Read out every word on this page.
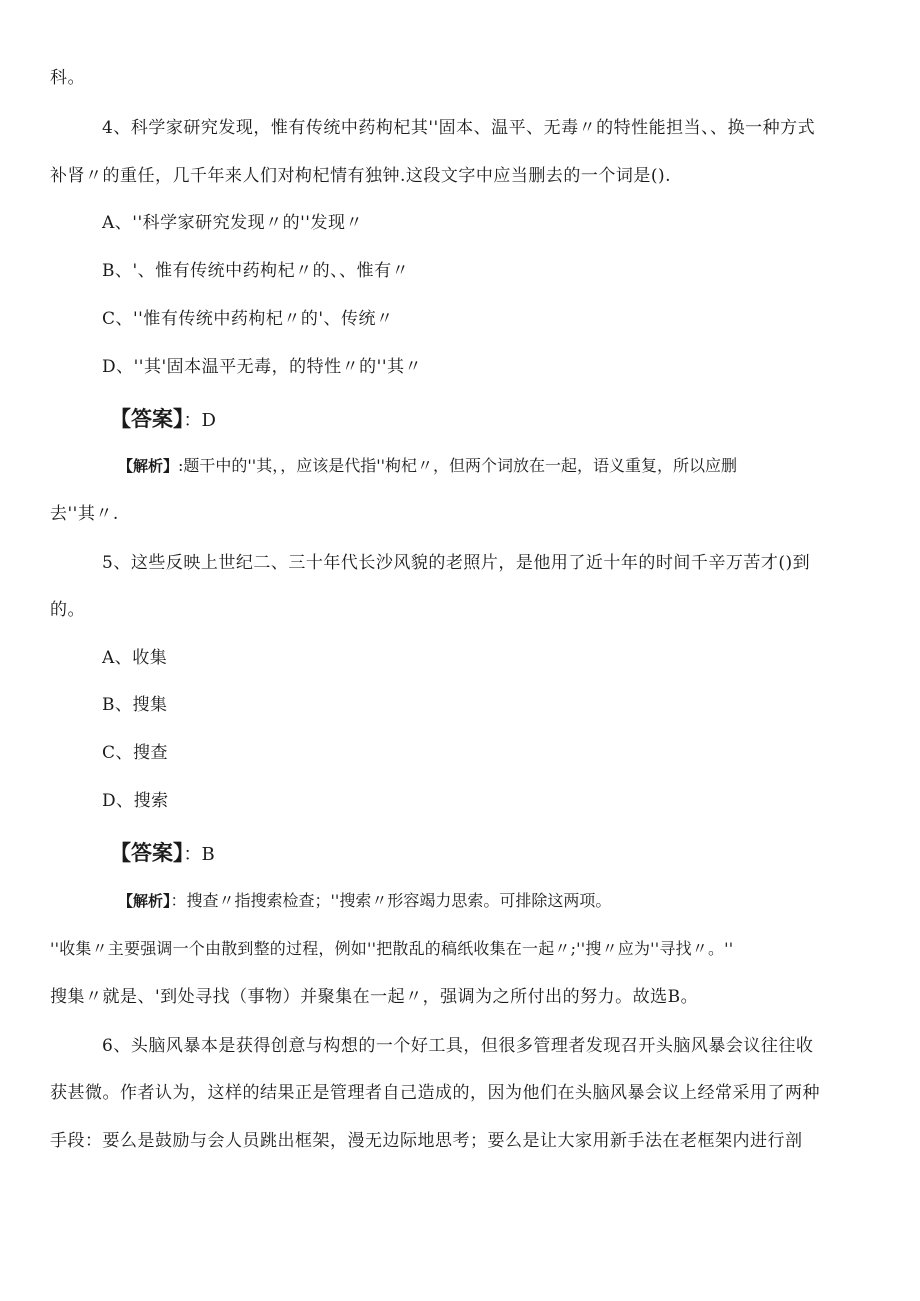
科。
4、科学家研究发现，惟有传统中药枸杞其''固本、温平、无毒〃的特性能担当、、换一种方式
补肾〃的重任，几千年来人们对枸杞情有独钟.这段文字中应当删去的一个词是().
A、''科学家研究发现〃的''发现〃
B、'、惟有传统中药枸杞〃的、、惟有〃
C、''惟有传统中药枸杞〃的'、传统〃
D、''其'固本温平无毒，的特性〃的''其〃
【答案】：D
【解析】:题干中的''其，，应该是代指''枸杞〃，但两个词放在一起，语义重复，所以应删
去''其〃.
5、这些反映上世纪二、三十年代长沙风貌的老照片，是他用了近十年的时间千辛万苦才()到
的。
A、收集
B、搜集
C、搜查
D、搜索
【答案】：B
【解析】：搜查〃指搜索检查；''搜索〃形容竭力思索。可排除这两项。
''收集〃主要强调一个由散到整的过程，例如''把散乱的稿纸收集在一起〃;''搜〃应为''寻找〃。''
搜集〃就是、'到处寻找（事物）并聚集在一起〃，强调为之所付出的努力。故选B。
6、头脑风暴本是获得创意与构想的一个好工具，但很多管理者发现召开头脑风暴会议往往收
获甚微。作者认为，这样的结果正是管理者自己造成的，因为他们在头脑风暴会议上经常采用了两种
手段：要么是鼓励与会人员跳出框架，漫无边际地思考；要么是让大家用新手法在老框架内进行剖
